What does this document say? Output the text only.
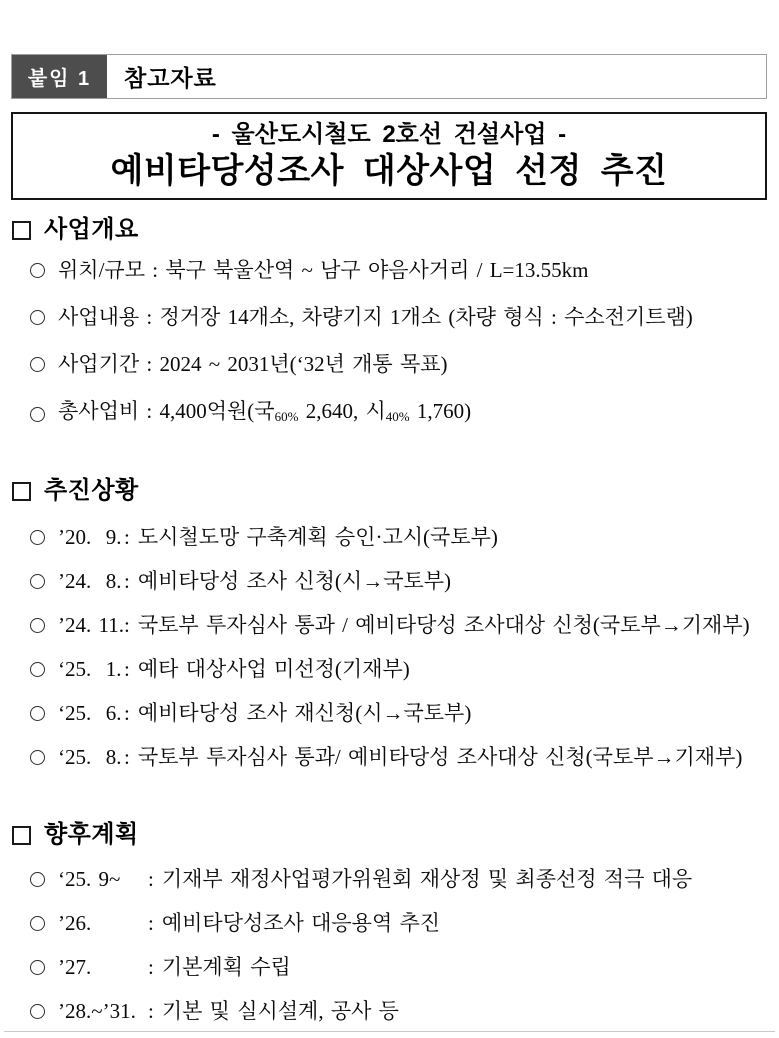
붙임 1	참고자료
- 울산도시철도 2호선 건설사업 -
예비타당성조사 대상사업 선정 추진
사업개요
위치/규모 : 북구 북울산역 ~ 남구 야음사거리 / L=13.55km
사업내용 : 정거장 14개소, 차량기지 1개소 (차량 형식 : 수소전기트램)
사업기간 : 2024 ~ 2031년(‘32년 개통 목표)
총사업비 : 4,400억원(국$_{60\%}$ 2,640, 시$_{40\%}$ 1,760)
추진상황
’20.  9. : 도시철도망 구축계획 승인·고시(국토부)
’24.  8. : 예비타당성 조사 신청(시→국토부)
’24. 11. : 국토부 투자심사 통과 / 예비타당성 조사대상 신청(국토부→기재부)
‘25.  1. : 예타 대상사업 미선정(기재부)
‘25.  6. : 예비타당성 조사 재신청(시→국토부)
‘25.  8. : 국토부 투자심사 통과/ 예비타당성 조사대상 신청(국토부→기재부)
향후계획
‘25. 9~	: 기재부 재정사업평가위원회 재상정 및 최종선정 적극 대응
’26.	: 예비타당성조사 대응용역 추진
’27.	: 기본계획 수립
’28.~’31. : 기본 및 실시설계, 공사 등
